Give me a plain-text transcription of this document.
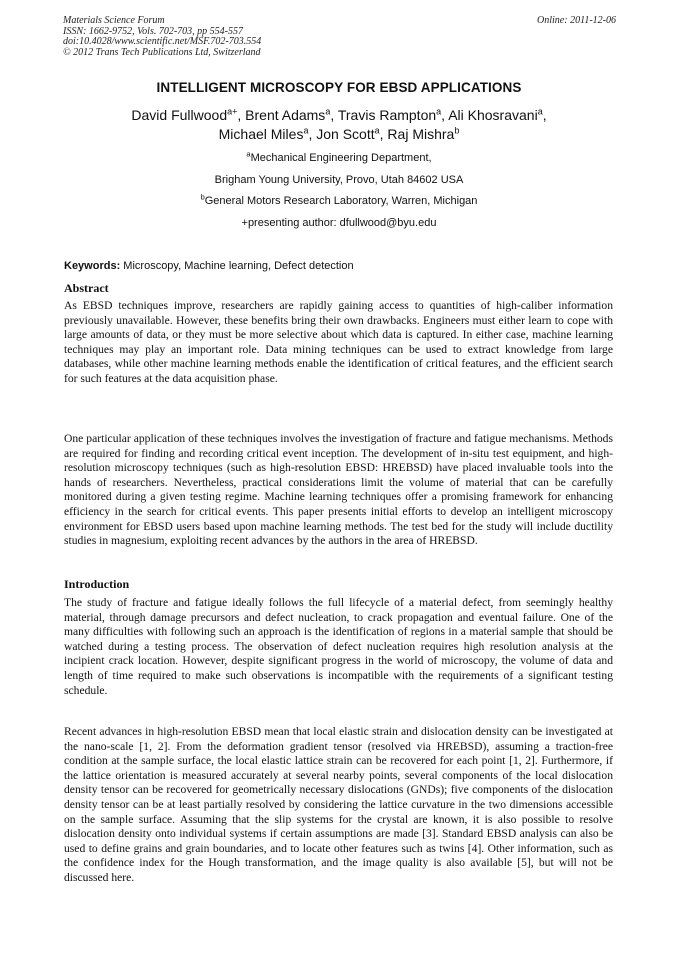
Materials Science Forum
ISSN: 1662-9752, Vols. 702-703, pp 554-557
doi:10.4028/www.scientific.net/MSF.702-703.554
© 2012 Trans Tech Publications Ltd, Switzerland
Online: 2011-12-06
INTELLIGENT MICROSCOPY FOR EBSD APPLICATIONS
David Fullwood$^{a+}$, Brent Adams$^a$, Travis Rampton$^a$, Ali Khosravani$^a$,
Michael Miles$^a$, Jon Scott$^a$, Raj Mishra$^b$
$^a$Mechanical Engineering Department,
Brigham Young University, Provo, Utah 84602 USA
$^b$General Motors Research Laboratory, Warren, Michigan
+presenting author: dfullwood@byu.edu
Keywords: Microscopy, Machine learning, Defect detection
Abstract
As EBSD techniques improve, researchers are rapidly gaining access to quantities of high-caliber information previously unavailable. However, these benefits bring their own drawbacks. Engineers must either learn to cope with large amounts of data, or they must be more selective about which data is captured. In either case, machine learning techniques may play an important role. Data mining techniques can be used to extract knowledge from large databases, while other machine learning methods enable the identification of critical features, and the efficient search for such features at the data acquisition phase.
One particular application of these techniques involves the investigation of fracture and fatigue mechanisms. Methods are required for finding and recording critical event inception. The development of in-situ test equipment, and high-resolution microscopy techniques (such as high-resolution EBSD: HREBSD) have placed invaluable tools into the hands of researchers. Nevertheless, practical considerations limit the volume of material that can be carefully monitored during a given testing regime. Machine learning techniques offer a promising framework for enhancing efficiency in the search for critical events. This paper presents initial efforts to develop an intelligent microscopy environment for EBSD users based upon machine learning methods. The test bed for the study will include ductility studies in magnesium, exploiting recent advances by the authors in the area of HREBSD.
Introduction
The study of fracture and fatigue ideally follows the full lifecycle of a material defect, from seemingly healthy material, through damage precursors and defect nucleation, to crack propagation and eventual failure. One of the many difficulties with following such an approach is the identification of regions in a material sample that should be watched during a testing process. The observation of defect nucleation requires high resolution analysis at the incipient crack location. However, despite significant progress in the world of microscopy, the volume of data and length of time required to make such observations is incompatible with the requirements of a significant testing schedule.
Recent advances in high-resolution EBSD mean that local elastic strain and dislocation density can be investigated at the nano-scale [1, 2]. From the deformation gradient tensor (resolved via HREBSD), assuming a traction-free condition at the sample surface, the local elastic lattice strain can be recovered for each point [1, 2]. Furthermore, if the lattice orientation is measured accurately at several nearby points, several components of the local dislocation density tensor can be recovered for geometrically necessary dislocations (GNDs); five components of the dislocation density tensor can be at least partially resolved by considering the lattice curvature in the two dimensions accessible on the sample surface. Assuming that the slip systems for the crystal are known, it is also possible to resolve dislocation density onto individual systems if certain assumptions are made [3]. Standard EBSD analysis can also be used to define grains and grain boundaries, and to locate other features such as twins [4]. Other information, such as the confidence index for the Hough transformation, and the image quality is also available [5], but will not be discussed here.
